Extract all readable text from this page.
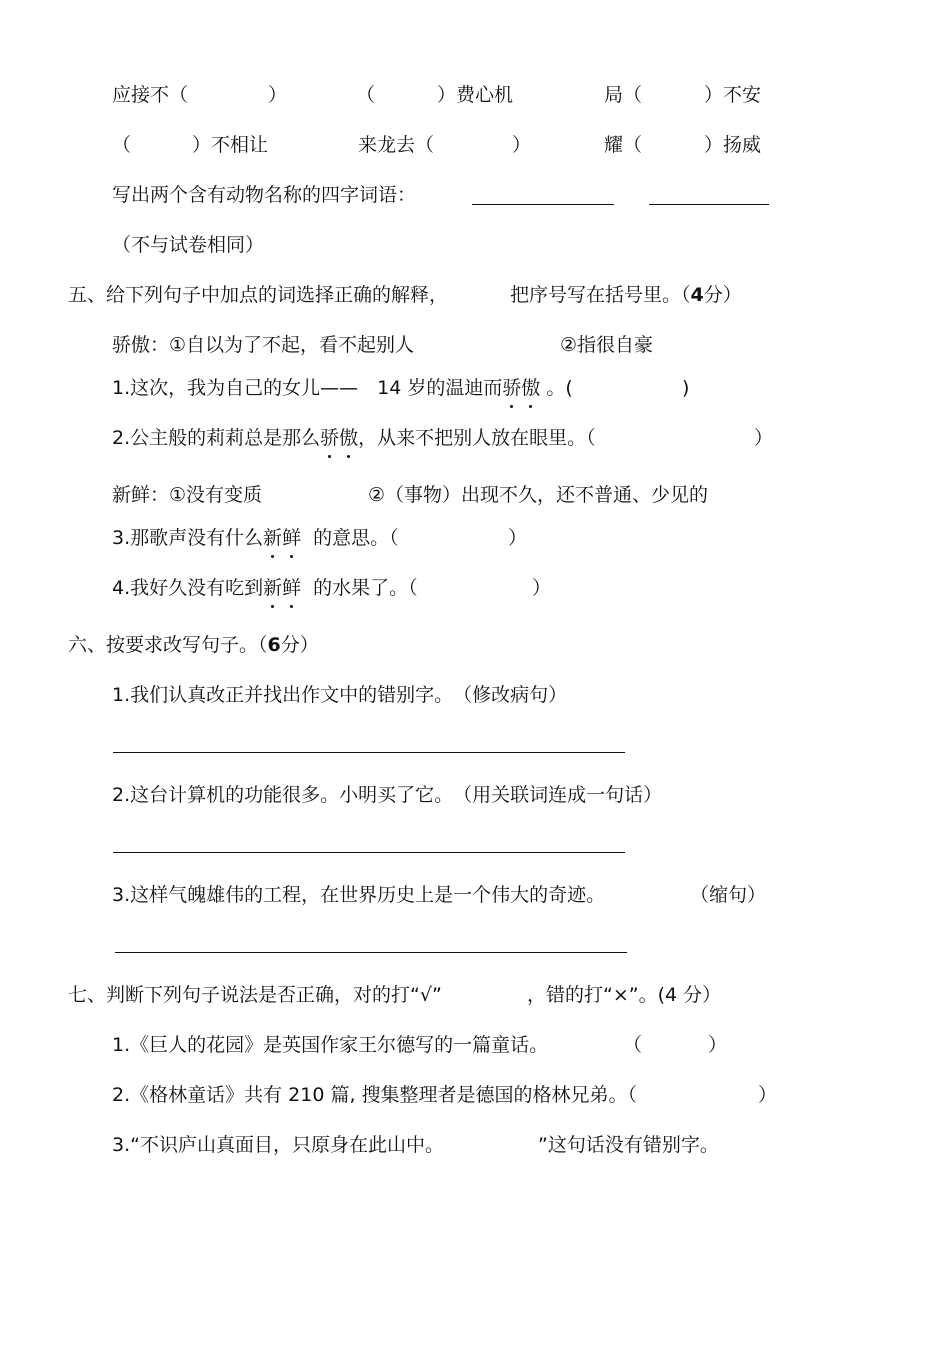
应接不（	）	（	）费心机	局（	）不安
（	）不相让	来龙去（	）	耀（	）扬威
写出两个含有动物名称的四字词语：
（不与试卷相同）
五、给下列句子中加点的词选择正确的解释，	把序号写在括号里。（4分）
骄傲：①自以为了不起，看不起别人	②指很自豪
1.这次，我为自己的女儿——　14 岁的温迪而骄傲 。(	)
2.公主般的莉莉总是那么骄傲，从来不把别人放在眼里。（	）
新鲜：①没有变质	②（事物）出现不久，还不普通、少见的
3.那歌声没有什么新鲜 的意思。（	）
4.我好久没有吃到新鲜 的水果了。（	）
六、按要求改写句子。（6分）
1.我们认真改正并找出作文中的错别字。　（修改病句）
2.这台计算机的功能很多。小明买了它。　（用关联词连成一句话）
3.这样气魄雄伟的工程，在世界历史上是一个伟大的奇迹。	（缩句）
七、判断下列句子说法是否正确，对的打“√”	，错的打“×”。(4 分）
1.《巨人的花园》是英国作家王尔德写的一篇童话。	（	）
2.《格林童话》共有 210 篇, 搜集整理者是德国的格林兄弟。（	）
3.“不识庐山真面目，只原身在此山中。	”这句话没有错别字。
